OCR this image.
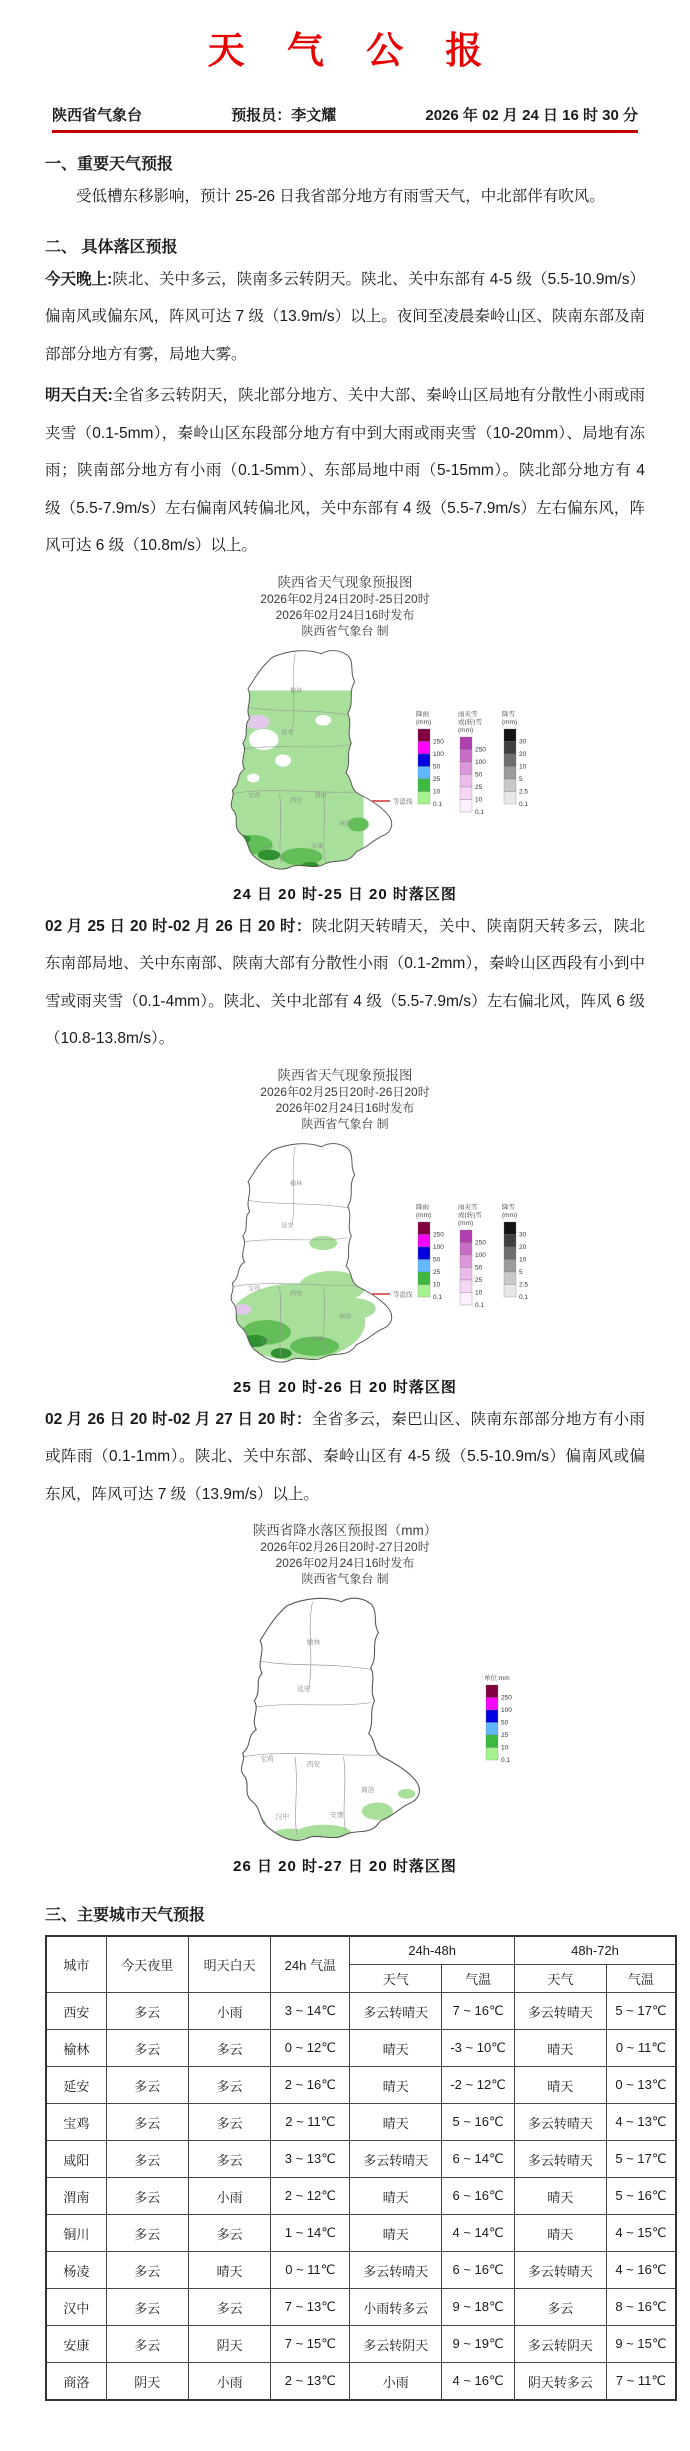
天 气 公 报
陕西省气象台	预报员：李文耀	2026 年 02 月 24 日 16 时 30 分
一、重要天气预报

受低槽东移影响，预计 25-26 日我省部分地方有雨雪天气，中北部伴有吹风。

二、 具体落区预报

今天晚上:陕北、关中多云，陕南多云转阴天。陕北、关中东部有 4-5 级（5.5-10.9m/s）偏南风或偏东风，阵风可达 7 级（13.9m/s）以上。夜间至凌晨秦岭山区、陕南东部及南部部分地方有雾，局地大雾。

明天白天:全省多云转阴天，陕北部分地方、关中大部、秦岭山区局地有分散性小雨或雨夹雪（0.1-5mm），秦岭山区东段部分地方有中到大雨或雨夹雪（10-20mm）、局地有冻雨；陕南部分地方有小雨（0.1-5mm）、东部局地中雨（5-15mm）。陕北部分地方有 4 级（5.5-7.9m/s）左右偏南风转偏北风，关中东部有 4 级（5.5-7.9m/s）左右偏东风，阵风可达 6 级（10.8m/s）以上。

陕西省天气现象预报图
2026年02月24日20时-25日20时
2026年02月24日16时发布
陕西省气象台 制
榆林
延安
宝鸡
西安
渭南
商洛
汉中	安康
降雨
(mm)
250
100
50
25
10
0.1
雨夹雪
或(转)雪
(mm)
250
100
50
25
10
0.1
降雪
(mm)
30
20
10
5
2.5
0.1
等温线
24 日 20 时-25 日 20 时落区图

02 月 25 日 20 时-02 月 26 日 20 时：陕北阴天转晴天，关中、陕南阴天转多云，陕北东南部局地、关中东南部、陕南大部有分散性小雨（0.1-2mm），秦岭山区西段有小到中雪或雨夹雪（0.1-4mm）。陕北、关中北部有 4 级（5.5-7.9m/s）左右偏北风，阵风 6 级（10.8-13.8m/s）。

陕西省天气现象预报图
2026年02月25日20时-26日20时
2026年02月24日16时发布
陕西省气象台 制
榆林
延安
宝鸡
西安
商洛
汉中	安康
降雨
(mm)
250
100
50
25
10
0.1
雨夹雪
或(转)雪
(mm)
250
100
50
25
10
0.1
降雪
(mm)
30
20
10
5
2.5
0.1
等温线
25 日 20 时-26 日 20 时落区图

02 月 26 日 20 时-02 月 27 日 20 时：全省多云，秦巴山区、陕南东部部分地方有小雨或阵雨（0.1-1mm）。陕北、关中东部、秦岭山区有 4-5 级（5.5-10.9m/s）偏南风或偏东风，阵风可达 7 级（13.9m/s）以上。

陕西省降水落区预报图（mm）
2026年02月26日20时-27日20时
2026年02月24日16时发布
陕西省气象台 制
榆林
延安
宝鸡
西安
商洛
汉中	安康
单位:mm
250
100
50
25
10
0.1
26 日 20 时-27 日 20 时落区图
三、主要城市天气预报
城市	今天夜里	明天白天	24h 气温	24h-48h		48h-72h	
				天气	气温	天气	气温
西安	多云	小雨	3 ~ 14℃	多云转晴天	7 ~ 16℃	多云转晴天	5 ~ 17℃
榆林	多云	多云	0 ~ 12℃	晴天	-3 ~ 10℃	晴天	0 ~ 11℃
延安	多云	多云	2 ~ 16℃	晴天	-2 ~ 12℃	晴天	0 ~ 13℃
宝鸡	多云	多云	2 ~ 11℃	晴天	5 ~ 16℃	多云转晴天	4 ~ 13℃
咸阳	多云	多云	3 ~ 13℃	多云转晴天	6 ~ 14℃	多云转晴天	5 ~ 17℃
渭南	多云	小雨	2 ~ 12℃	晴天	6 ~ 16℃	晴天	5 ~ 16℃
铜川	多云	多云	1 ~ 14℃	晴天	4 ~ 14℃	晴天	4 ~ 15℃
杨凌	多云	晴天	0 ~ 11℃	多云转晴天	6 ~ 16℃	多云转晴天	4 ~ 16℃
汉中	多云	多云	7 ~ 13℃	小雨转多云	9 ~ 18℃	多云	8 ~ 16℃
安康	多云	阴天	7 ~ 15℃	多云转阴天	9 ~ 19℃	多云转阴天	9 ~ 15℃
商洛	阴天	小雨	2 ~ 13℃	小雨	4 ~ 16℃	阴天转多云	7 ~ 11℃
